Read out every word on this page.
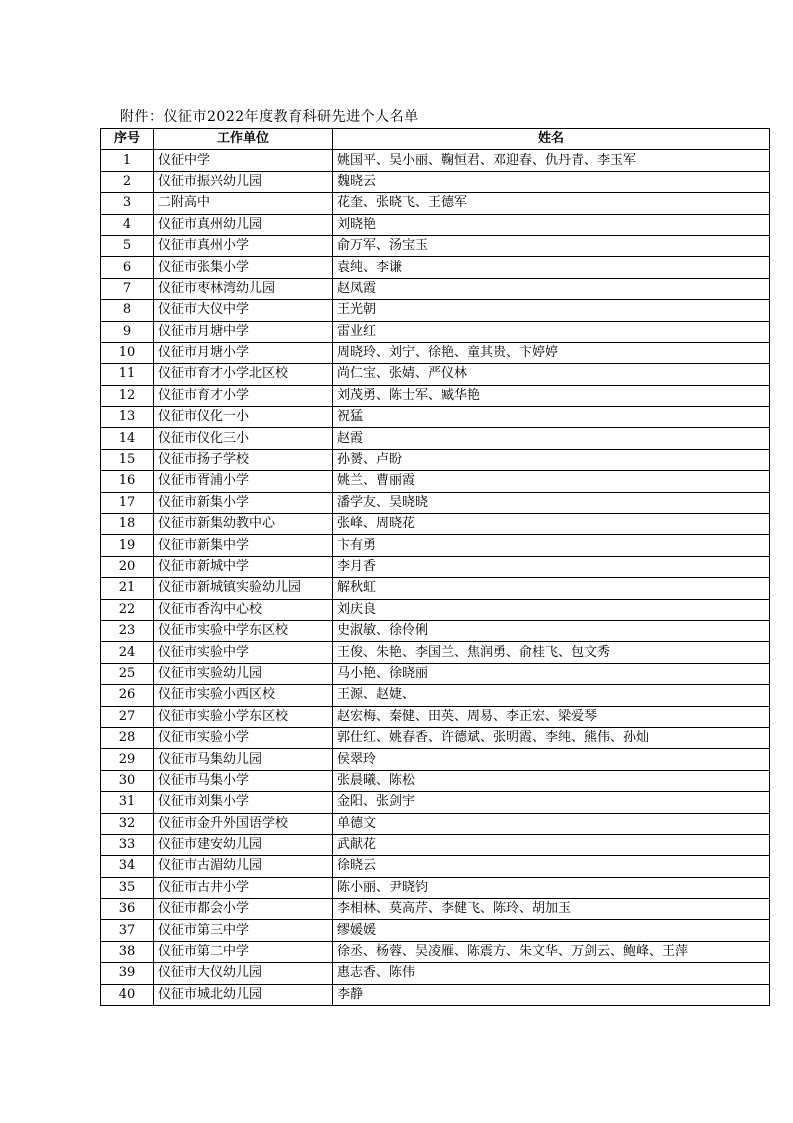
附件：仪征市2022年度教育科研先进个人名单
序号	工作单位	姓名
1	仪征中学	姚国平、吴小丽、鞠恒君、邓迎春、仇丹青、李玉军
2	仪征市振兴幼儿园	魏晓云
3	二附高中	花奎、张晓飞、王德军
4	仪征市真州幼儿园	刘晓艳
5	仪征市真州小学	俞万军、汤宝玉
6	仪征市张集小学	袁纯、李谦
7	仪征市枣林湾幼儿园	赵凤霞
8	仪征市大仪中学	王光朝
9	仪征市月塘中学	雷业红
10	仪征市月塘小学	周晓玲、刘宁、徐艳、童其贵、卞婷婷
11	仪征市育才小学北区校	尚仁宝、张婧、严仪林
12	仪征市育才小学	刘茂勇、陈士军、臧华艳
13	仪征市仪化一小	祝猛
14	仪征市仪化三小	赵霞
15	仪征市扬子学校	孙赟、卢盼
16	仪征市胥浦小学	姚兰、曹丽霞
17	仪征市新集小学	潘学友、吴晓晓
18	仪征市新集幼教中心	张峰、周晓花
19	仪征市新集中学	卞有勇
20	仪征市新城中学	李月香
21	仪征市新城镇实验幼儿园	解秋虹
22	仪征市香沟中心校	刘庆良
23	仪征市实验中学东区校	史淑敏、徐伶俐
24	仪征市实验中学	王俊、朱艳、李国兰、焦润勇、俞桂飞、包文秀
25	仪征市实验幼儿园	马小艳、徐晓丽
26	仪征市实验小西区校	王源、赵婕、
27	仪征市实验小学东区校	赵宏梅、秦健、田英、周易、李正宏、梁爱琴
28	仪征市实验小学	郭仕红、姚春香、许德斌、张明霞、李纯、熊伟、孙灿
29	仪征市马集幼儿园	侯翠玲
30	仪征市马集小学	张晨曦、陈松
31	仪征市刘集小学	金阳、张剑宇
32	仪征市金升外国语学校	单德文
33	仪征市建安幼儿园	武献花
34	仪征市古湄幼儿园	徐晓云
35	仪征市古井小学	陈小丽、尹晓钧
36	仪征市都会小学	李相林、莫高芹、李健飞、陈玲、胡加玉
37	仪征市第三中学	缪媛媛
38	仪征市第二中学	徐丞、杨蓉、吴凌雁、陈震方、朱文华、万剑云、鲍峰、王萍
39	仪征市大仪幼儿园	惠志香、陈伟
40	仪征市城北幼儿园	李静
